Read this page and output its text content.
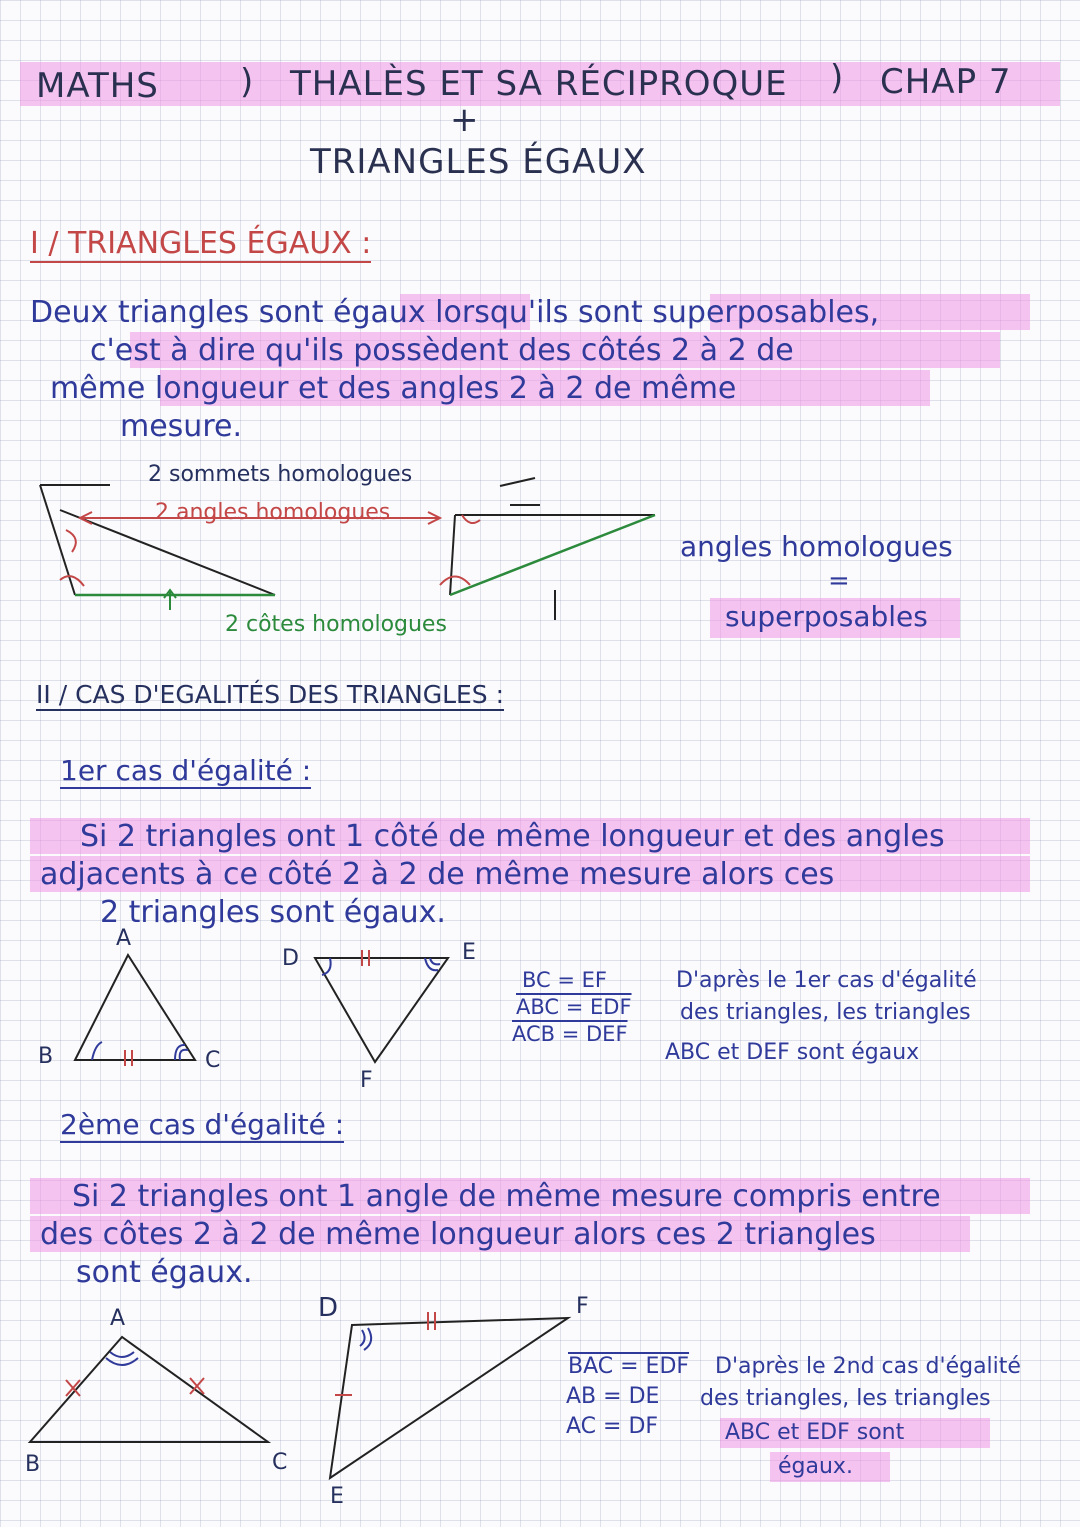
MATHS ) THALÈS ET SA RÉCIPROQUE ) CHAP 7
+
TRIANGLES ÉGAUX
I / TRIANGLES ÉGAUX :
Deux triangles sont égaux lorsqu'ils sont superposables,
c'est à dire qu'ils possèdent des côtés 2 à 2 de
même longueur et des angles 2 à 2 de même
mesure.
2 sommets homologues
2 angles homologues
2 côtes homologues
angles homologues
=
superposables
II / CAS D'EGALITÉS DES TRIANGLES :
1er cas d'égalité :
Si 2 triangles ont 1 côté de même longueur et des angles
adjacents à ce côté 2 à 2 de même mesure alors ces
2 triangles sont égaux.
A
B	C
D	E
F
BC = EF
ABC = EDF
ACB = DEF
D'après le 1er cas d'égalité
des triangles, les triangles
ABC et DEF sont égaux
2ème cas d'égalité :
Si 2 triangles ont 1 angle de même mesure compris entre
des côtes 2 à 2 de même longueur alors ces 2 triangles
sont égaux.
A
B	C
D
E
F
BAC = EDF
AB = DE
AC = DF
D'après le 2nd cas d'égalité
des triangles, les triangles
ABC et EDF sont
égaux.
